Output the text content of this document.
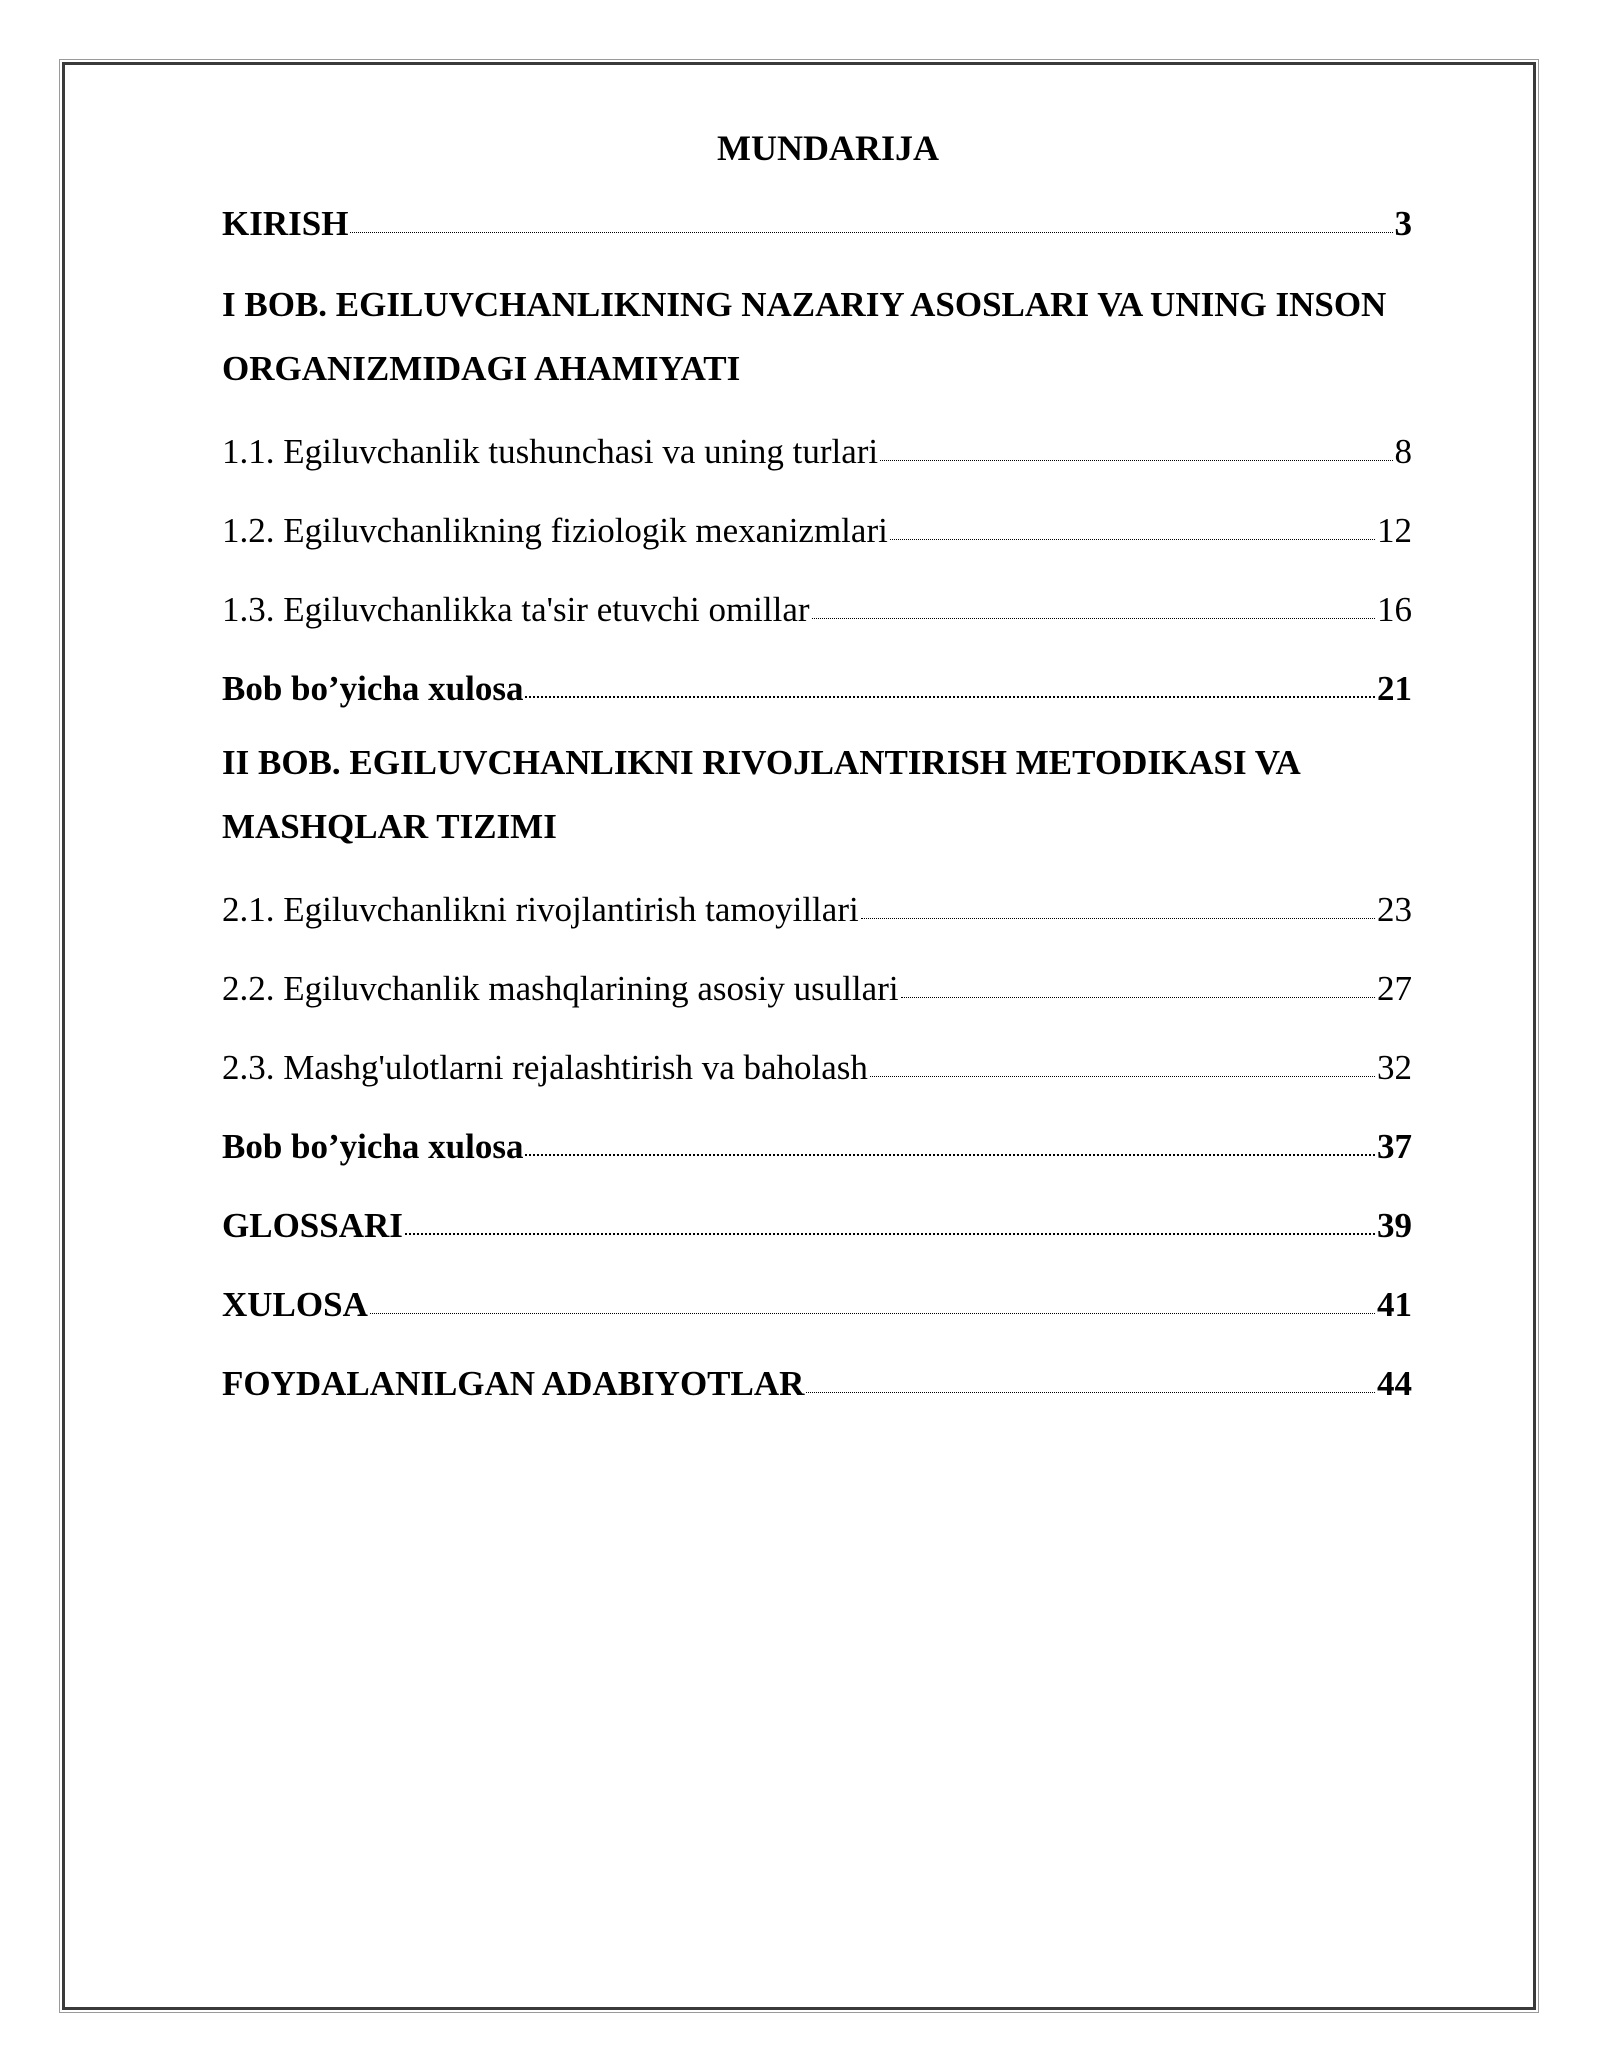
MUNDARIJA
KIRISH	3
I BOB. EGILUVCHANLIKNING NAZARIY ASOSLARI VA UNING INSON
ORGANIZMIDAGI AHAMIYATI
1.1. Egiluvchanlik tushunchasi va uning turlari	8
1.2. Egiluvchanlikning fiziologik mexanizmlari	12
1.3. Egiluvchanlikka ta'sir etuvchi omillar	16
Bob bo’yicha xulosa	21
II BOB. EGILUVCHANLIKNI RIVOJLANTIRISH METODIKASI VA
MASHQLAR TIZIMI
2.1. Egiluvchanlikni rivojlantirish tamoyillari	23
2.2. Egiluvchanlik mashqlarining asosiy usullari	27
2.3. Mashg'ulotlarni rejalashtirish va baholash	32
Bob bo’yicha xulosa	37
GLOSSARI	39
XULOSA	41
FOYDALANILGAN ADABIYOTLAR	44
